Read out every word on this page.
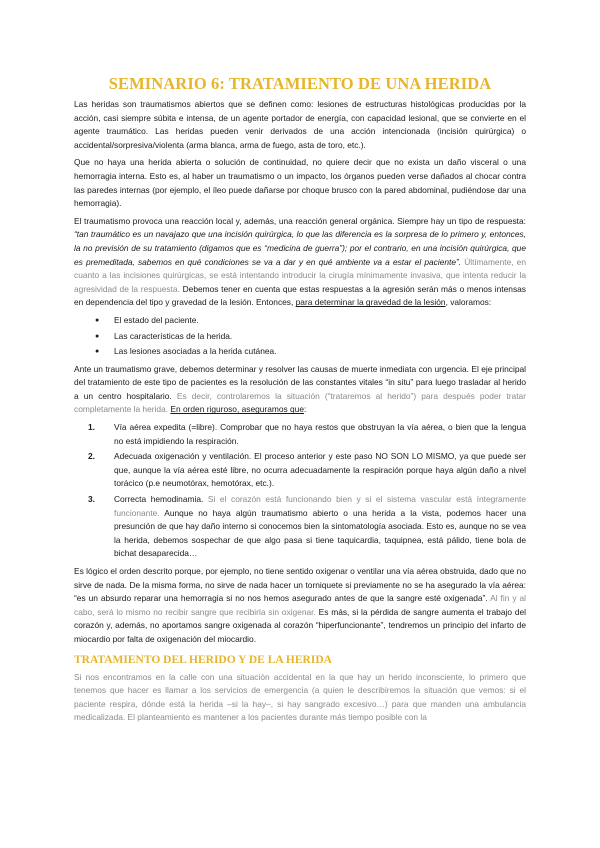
SEMINARIO 6: TRATAMIENTO DE UNA HERIDA

Las heridas son traumatismos abiertos que se definen como: lesiones de estructuras histológicas producidas por la acción, casi siempre súbita e intensa, de un agente portador de energía, con capacidad lesional, que se convierte en el agente traumático. Las heridas pueden venir derivados de una acción intencionada (incisión quirúrgica) o accidental/sorpresiva/violenta (arma blanca, arma de fuego, asta de toro, etc.).

Que no haya una herida abierta o solución de continuidad, no quiere decir que no exista un daño visceral o una hemorragia interna. Esto es, al haber un traumatismo o un impacto, los órganos pueden verse dañados al chocar contra las paredes internas (por ejemplo, el íleo puede dañarse por choque brusco con la pared abdominal, pudiéndose dar una hemorragia).

El traumatismo provoca una reacción local y, además, una reacción general orgánica. Siempre hay un tipo de respuesta: “tan traumático es un navajazo que una incisión quirúrgica, lo que las diferencia es la sorpresa de lo primero y, entonces, la no previsión de su tratamiento (digamos que es “medicina de guerra”); por el contrario, en una incisión quirúrgica, que es premeditada, sabemos en qué condiciones se va a dar y en qué ambiente va a estar el paciente”. Últimamente, en cuanto a las incisiones quirúrgicas, se está intentando introducir la cirugía mínimamente invasiva, que intenta reducir la agresividad de la respuesta. Debemos tener en cuenta que estas respuestas a la agresión serán más o menos intensas en dependencia del tipo y gravedad de la lesión. Entonces, para determinar la gravedad de la lesión, valoramos:

● El estado del paciente.
● Las características de la herida.
● Las lesiones asociadas a la herida cutánea.

Ante un traumatismo grave, debemos determinar y resolver las causas de muerte inmediata con urgencia. El eje principal del tratamiento de este tipo de pacientes es la resolución de las constantes vitales “in situ” para luego trasladar al herido a un centro hospitalario. Es decir, controlaremos la situación (“trataremos al herido”) para después poder tratar completamente la herida. En orden riguroso, aseguramos que:

1. Vía aérea expedita (=libre). Comprobar que no haya restos que obstruyan la vía aérea, o bien que la lengua no está impidiendo la respiración.
2. Adecuada oxigenación y ventilación. El proceso anterior y este paso NO SON LO MISMO, ya que puede ser que, aunque la vía aérea esté libre, no ocurra adecuadamente la respiración porque haya algún daño a nivel torácico (p.e neumotórax, hemotórax, etc.).
3. Correcta hemodinamia. Si el corazón está funcionando bien y si el sistema vascular está íntegramente funcionante. Aunque no haya algún traumatismo abierto o una herida a la vista, podemos hacer una presunción de que hay daño interno si conocemos bien la sintomatología asociada. Esto es, aunque no se vea la herida, debemos sospechar de que algo pasa si tiene taquicardia, taquipnea, está pálido, tiene bola de bichat desaparecida…

Es lógico el orden descrito porque, por ejemplo, no tiene sentido oxigenar o ventilar una vía aérea obstruida, dado que no sirve de nada. De la misma forma, no sirve de nada hacer un torniquete si previamente no se ha asegurado la vía aérea: “es un absurdo reparar una hemorragia si no nos hemos asegurado antes de que la sangre esté oxigenada”. Al fin y al cabo, será lo mismo no recibir sangre que recibirla sin oxigenar. Es más, si la pérdida de sangre aumenta el trabajo del corazón y, además, no aportamos sangre oxigenada al corazón “hiperfuncionante”, tendremos un principio del infarto de miocardio por falta de oxigenación del miocardio.

TRATAMIENTO DEL HERIDO Y DE LA HERIDA

Si nos encontramos en la calle con una situación accidental en la que hay un herido inconsciente, lo primero que tenemos que hacer es llamar a los servicios de emergencia (a quien le describiremos la situación que vemos: si el paciente respira, dónde está la herida –si la hay–, si hay sangrado excesivo…) para que manden una ambulancia medicalizada. El planteamiento es mantener a los pacientes durante más tiempo posible con la
